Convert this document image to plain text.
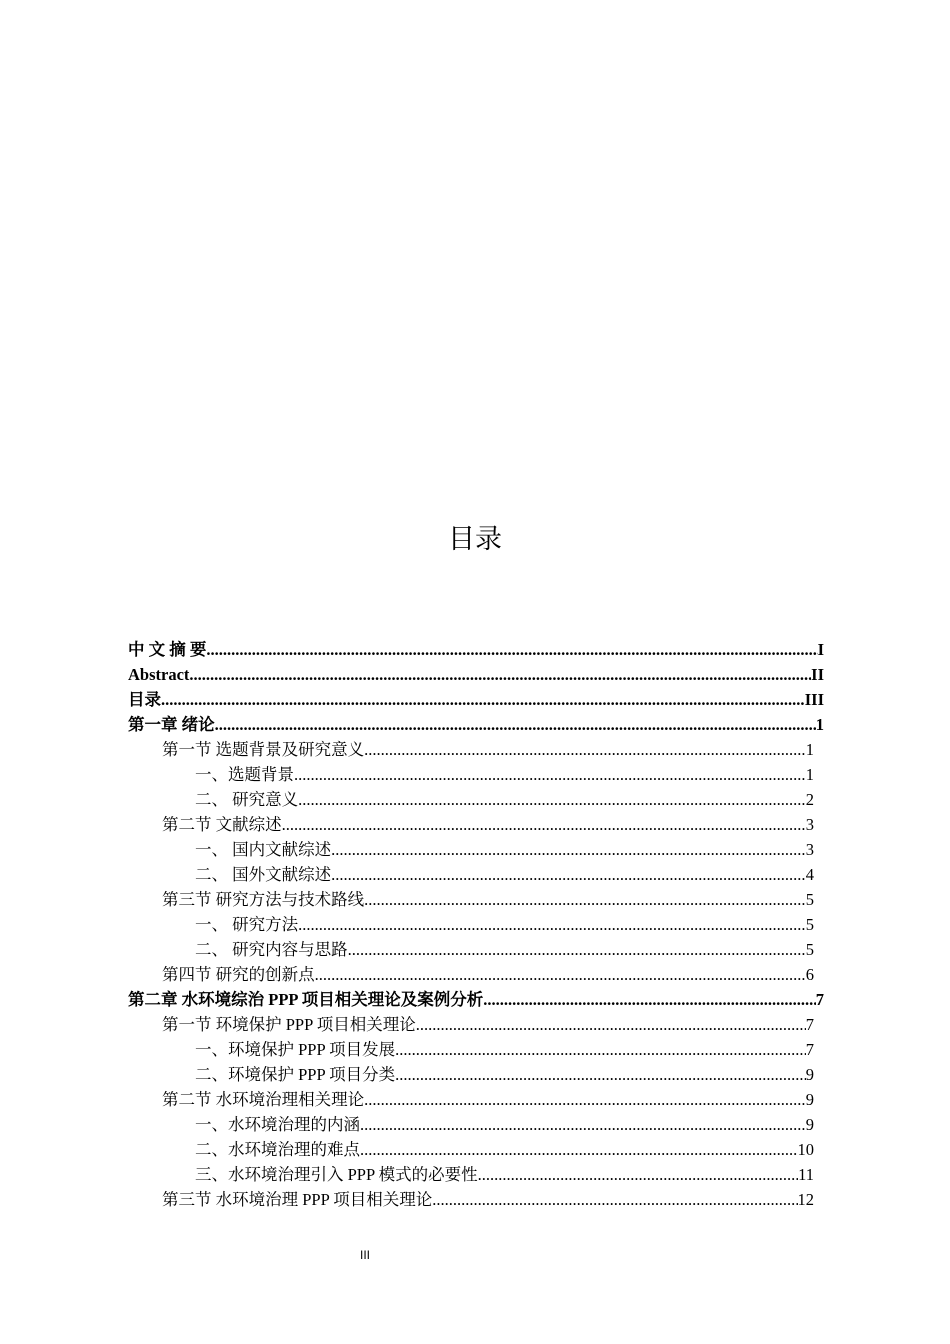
目录
中 文 摘 要 .....	I
Abstract .....	II
目录 .....	III
第一章 绪论 .....	1
第一节 选题背景及研究意义 .....	1
一、选题背景 .....	1
二、 研究意义 .....	2
第二节 文献综述 .....	3
一、 国内文献综述 .....	3
二、 国外文献综述 .....	4
第三节 研究方法与技术路线 .....	5
一、 研究方法 .....	5
二、 研究内容与思路 .....	5
第四节 研究的创新点 .....	6
第二章 水环境综治 PPP 项目相关理论及案例分析 .....	7
第一节 环境保护 PPP 项目相关理论 .....	7
一、环境保护 PPP 项目发展 .....	7
二、环境保护 PPP 项目分类 .....	9
第二节 水环境治理相关理论 .....	9
一、水环境治理的内涵 .....	9
二、水环境治理的难点 .....	10
三、水环境治理引入 PPP 模式的必要性 .....	11
第三节 水环境治理 PPP 项目相关理论 .....	12
III
